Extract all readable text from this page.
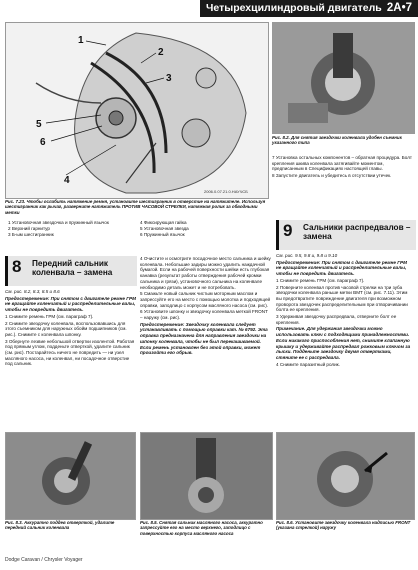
Четырехцилиндровый двигатель 2А•7
1
2
3
4
5
6
2006.0.07.21.0.НАУЧСБ
Рис. 7.23. Чтобы ослабить натяжение ремня, установите шестигранник в отверстие на натяжителе. Используя шестигранник как рычаг, разверните натяжитель ПРОТИВ ЧАСОВОЙ СТРЕЛКИ, натяжная ролик за обводными метки
1 Установочная звездочка и пружинный язычок
2 Верхний гарнитур
3 Б-ым шестигранник
4 Фиксирующая гайка
5 Установочная звезда
6 Пружинный язычок
Рис. 8.2. Для снятия звездочки коленвала удобен съемник указанного типа
7 Установка остальных компонентов – обратная процедура. Болт крепления шкива коленвала затягивайте моментом, предписанным в Спецификациях настоящей главы.
8 Запустите двигатель и убедитесь в отсутствии утечек.
8 Передний сальник коленвала – замена
См. рис. 8.2, 8.3, 8.5 и 8.6
Предостережение: При снятом с двигателе ремне ГРМ не вращайте коленчатый и распределительные валы, чтобы не повредить двигатель.
1 Снимите ремень ГРМ (см. параграф 7).
2 Снимите звездочку коленвала, воспользовавшись для этого съемником для наружных обойм подшипников (см. рис.). Снимите с коленвала шпонку.
3 Обернуте лезвие небольшой отвертки изолентой. Работая под прямым углом, подденьте отверткой, удалите сальник (см. рис). Постарайтесь ничего не повредить — ни узел масляного насоса, ни коленвал, ни посадочное отверстие под сальник.
4 Очистите и осмотрите посадочное место сальника и шейку коленвала. Небольшие задиры можно удалить наждачной бумагой. Если на рабочей поверхности шейки есть глубокая канавка (результат работы отверждения рабочей кромки сальника и грязи), установочного сальника на коленвале необходимо деталь может и не потребовать.
5 Смажьте новый сальник чистым моторным маслом и запрессуйте его на место с помощью молотка и подходящей оправки, заподлицо с корпусом масляного насоса (см. рис).
6 Установите шпонку и звездочку коленвала меткой FRONT – наружу (см. рис).
Предостережение: Звездочку коленвала следует устанавливать с помощью оправки кат. № 6792. Эта оправка предназначена для направления звездочки на шпонку коленвала, чтобы не был перекашиваемой. Если ремень установлен без этой оправки, может произойти его обрыв.
9 Сальники распредвалов – замена
См. рис. 9.5, 9.8 и, 9.8 и 9.10
Предостережение: При снятом с двигателе ремне ГРМ не вращайте коленчатый и распределительные валы, чтобы не повредить двигатель.
1 Снимите ремень ГРМ (см. параграф 7).
2 Поверните коленвал против часовой стрелки на три зуба звездочки коленвала раньше метки ВМТ (см. рис. 7.11). Этим вы предотвратите повреждение двигателя при возможном проворота звездочек распределительным при отворачивании болта ее крепления.
3 Удерживая звездочку распредвала, отверните болт ее крепления.
Примечание. Для удержания звездочки можно использовать ключ с подходящими принадлежностями. Если никакого приспособления нет, снимите клапанную крышку и удерживайте распредвал рожковым ключом за лыски. Подденьте звездочку двумя отвертками, стяните ее с распредвала.
4 Снимите паразитный ролик.
Рис. 8.3. Аккуратно поддев отверткой, удалите передний сальник коленвала
Рис. 8.5. Снятая сальник масляного насоса, аккуратно запрессуйте его на место верхнего, заподлицо с поверхностью корпуса масляного насоса
Рис. 8.6. Установите звездочку коленвала надписью FRONT (указана стрелкой) наружу
Dodge Caravan / Chrysler Voyager
